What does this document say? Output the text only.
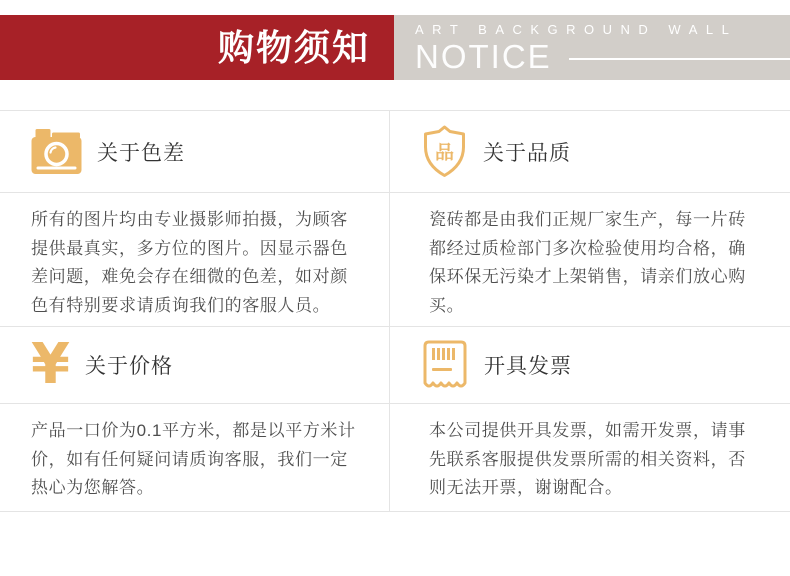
购物须知	ART BACKGROUND WALL
NOTICE
关于色差	品 关于品质
所有的图片均由专业摄影师拍摄，为顾客提供最真实，多方位的图片。因显示器色差问题，难免会存在细微的色差，如对颜色有特别要求请质询我们的客服人员。
瓷砖都是由我们正规厂家生产，每一片砖都经过质检部门多次检验使用均合格，确保环保无污染才上架销售，请亲们放心购买。
¥ 关于价格	开具发票
产品一口价为0.1平方米，都是以平方米计价，如有任何疑问请质询客服，我们一定热心为您解答。
本公司提供开具发票，如需开发票，请事先联系客服提供发票所需的相关资料，否则无法开票，谢谢配合。
